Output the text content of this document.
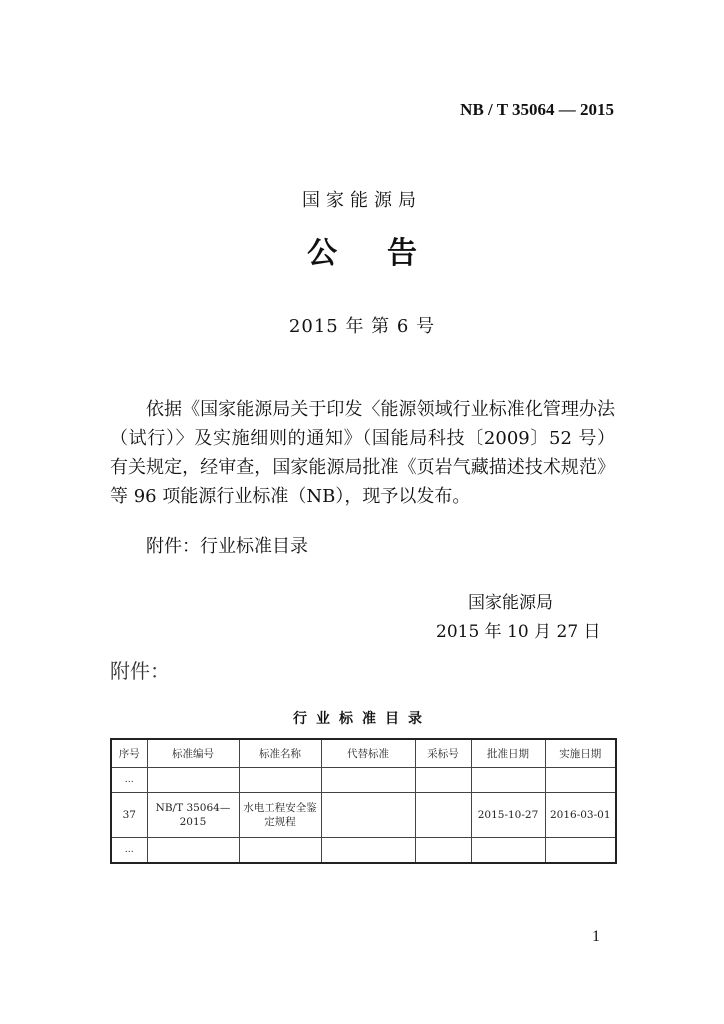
NB / T 35064 — 2015
国家能源局
公告
2015 年 第 6 号
依据《国家能源局关于印发〈能源领域行业标准化管理办法（试行）〉及实施细则的通知》（国能局科技〔2009〕52 号）有关规定，经审查，国家能源局批准《页岩气藏描述技术规范》等 96 项能源行业标准（NB），现予以发布。
附件：行业标准目录
国家能源局
2015 年 10 月 27 日
附件：
行业标准目录
序号	标准编号	标准名称	代替标准	采标号	批准日期	实施日期
…						
37	NB/T 35064—2015	水电工程安全鉴定规程			2015-10-27	2016-03-01
…						
1
